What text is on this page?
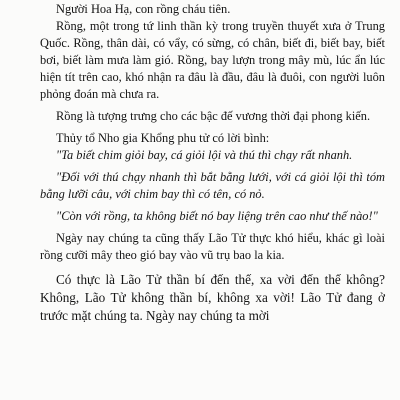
Người Hoa Hạ, con rồng cháu tiên.

Rồng, một trong tứ linh thần kỳ trong truyền thuyết xưa ở Trung Quốc. Rồng, thân dài, có vẩy, có sừng, có chân, biết đi, biết bay, biết bơi, biết làm mưa làm gió. Rồng, bay lượn trong mây mù, lúc ẩn lúc hiện tít trên cao, khó nhận ra đâu là đầu, đâu là đuôi, con người luôn phỏng đoán mà chưa ra.

Rồng là tượng trưng cho các bậc đế vương thời đại phong kiến.

Thủy tổ Nho gia Khổng phu tử có lời bình:

"Ta biết chim giỏi bay, cá giỏi lội và thú thì chạy rất nhanh.

"Đối với thú chạy nhanh thì bắt bằng lưới, với cá giỏi lội thì tóm bằng lưỡi câu, với chim bay thì có tên, có nỏ.

"Còn với rồng, ta không biết nó bay liệng trên cao như thế nào!"

Ngày nay chúng ta cũng thấy Lão Tử thực khó hiểu, khác gì loài rồng cưỡi mây theo gió bay vào vũ trụ bao la kia.

Có thực là Lão Tử thần bí đến thế, xa vời đến thế không? Không, Lão Tử không thần bí, không xa vời! Lão Tử đang ở trước mặt chúng ta. Ngày nay chúng ta mời
